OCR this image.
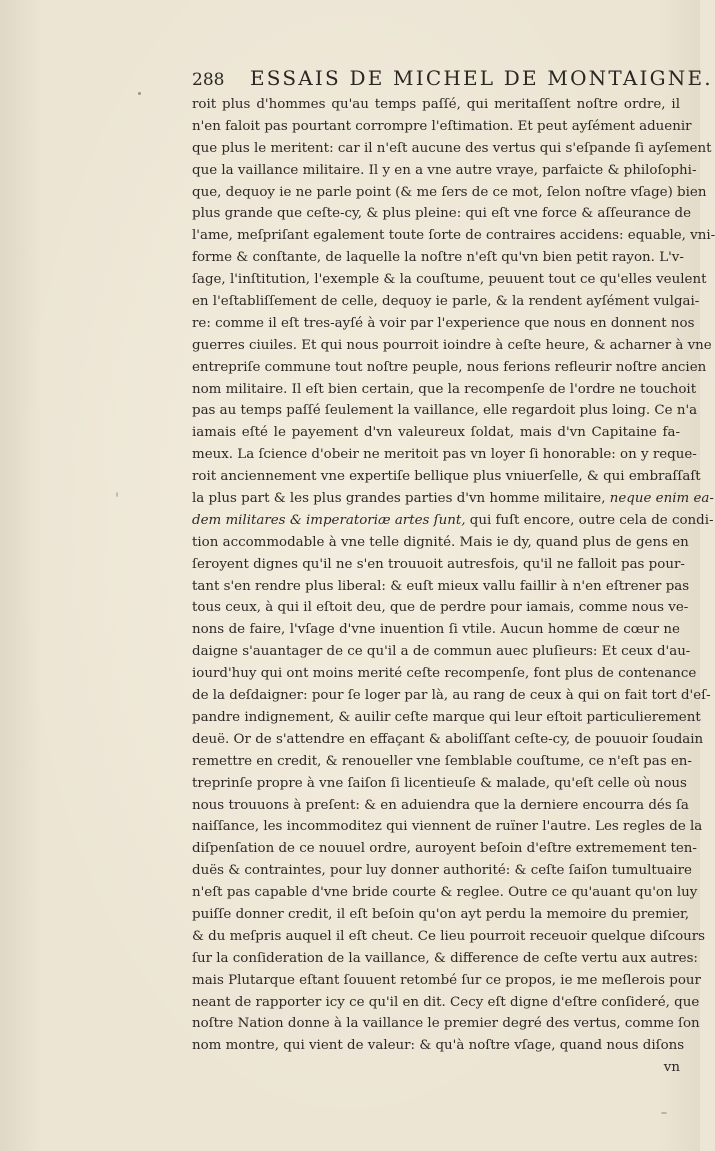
288 ESSAIS DE MICHEL DE MONTAIGNE.
roit plus d'hommes qu'au temps paſſé, qui meritaſſent noſtre ordre, il
n'en faloit pas pourtant corrompre l'eſtimation. Et peut ayſément aduenir
que plus le meritent: car il n'eſt aucune des vertus qui s'eſpande ſi ayſement
que la vaillance militaire. Il y en a vne autre vraye, parfaicte & philoſophi-
que, dequoy ie ne parle point (& me ſers de ce mot, ſelon noſtre vſage) bien
plus grande que ceſte-cy, & plus pleine: qui eſt vne force & aſſeurance de
l'ame, meſpriſant egalement toute ſorte de contraires accidens: equable, vni-
forme & conſtante, de laquelle la noſtre n'eſt qu'vn bien petit rayon. L'v-
ſage, l'inſtitution, l'exemple & la couſtume, peuuent tout ce qu'elles veulent
en l'eſtabliſſement de celle, dequoy ie parle, & la rendent ayſément vulgai-
re: comme il eſt tres-ayſé à voir par l'experience que nous en donnent nos
guerres ciuiles. Et qui nous pourroit ioindre à ceſte heure, & acharner à vne
entrepriſe commune tout noſtre peuple, nous ferions refleurir noſtre ancien
nom militaire. Il eſt bien certain, que la recompenſe de l'ordre ne touchoit
pas au temps paſſé ſeulement la vaillance, elle regardoit plus loing. Ce n'a
iamais eſté le payement d'vn valeureux ſoldat, mais d'vn Capitaine fa-
meux. La ſcience d'obeir ne meritoit pas vn loyer ſi honorable: on y reque-
roit anciennement vne expertiſe bellique plus vniuerſelle, & qui embraſſaſt
la plus part & les plus grandes parties d'vn homme militaire, neque enim ea-
dem militares & imperatoriæ artes ſunt, qui fuſt encore, outre cela de condi-
tion accommodable à vne telle dignité. Mais ie dy, quand plus de gens en
ſeroyent dignes qu'il ne s'en trouuoit autresfois, qu'il ne falloit pas pour-
tant s'en rendre plus liberal: & euſt mieux vallu faillir à n'en eſtrener pas
tous ceux, à qui il eſtoit deu, que de perdre pour iamais, comme nous ve-
nons de faire, l'vſage d'vne inuention ſi vtile. Aucun homme de cœur ne
daigne s'auantager de ce qu'il a de commun auec pluſieurs: Et ceux d'au-
iourd'huy qui ont moins merité ceſte recompenſe, font plus de contenance
de la deſdaigner: pour ſe loger par là, au rang de ceux à qui on fait tort d'eſ-
pandre indignement, & auilir ceſte marque qui leur eſtoit particulierement
deuë. Or de s'attendre en effaçant & aboliſſant ceſte-cy, de pouuoir ſoudain
remettre en credit, & renoueller vne ſemblable couſtume, ce n'eſt pas en-
treprinſe propre à vne ſaiſon ſi licentieuſe & malade, qu'eſt celle où nous
nous trouuons à preſent: & en aduiendra que la derniere encourra dés ſa
naiſſance, les incommoditez qui viennent de ruïner l'autre. Les regles de la
diſpenſation de ce nouuel ordre, auroyent beſoin d'eſtre extremement ten-
duës & contraintes, pour luy donner authorité: & ceſte ſaiſon tumultuaire
n'eſt pas capable d'vne bride courte & reglee. Outre ce qu'auant qu'on luy
puiſſe donner credit, il eſt beſoin qu'on ayt perdu la memoire du premier,
& du meſpris auquel il eſt cheut. Ce lieu pourroit receuoir quelque diſcours
ſur la conſideration de la vaillance, & difference de ceſte vertu aux autres:
mais Plutarque eſtant ſouuent retombé ſur ce propos, ie me meſlerois pour
neant de rapporter icy ce qu'il en dit. Cecy eſt digne d'eſtre conſideré, que
noſtre Nation donne à la vaillance le premier degré des vertus, comme ſon
nom montre, qui vient de valeur: & qu'à noſtre vſage, quand nous diſons
vn
